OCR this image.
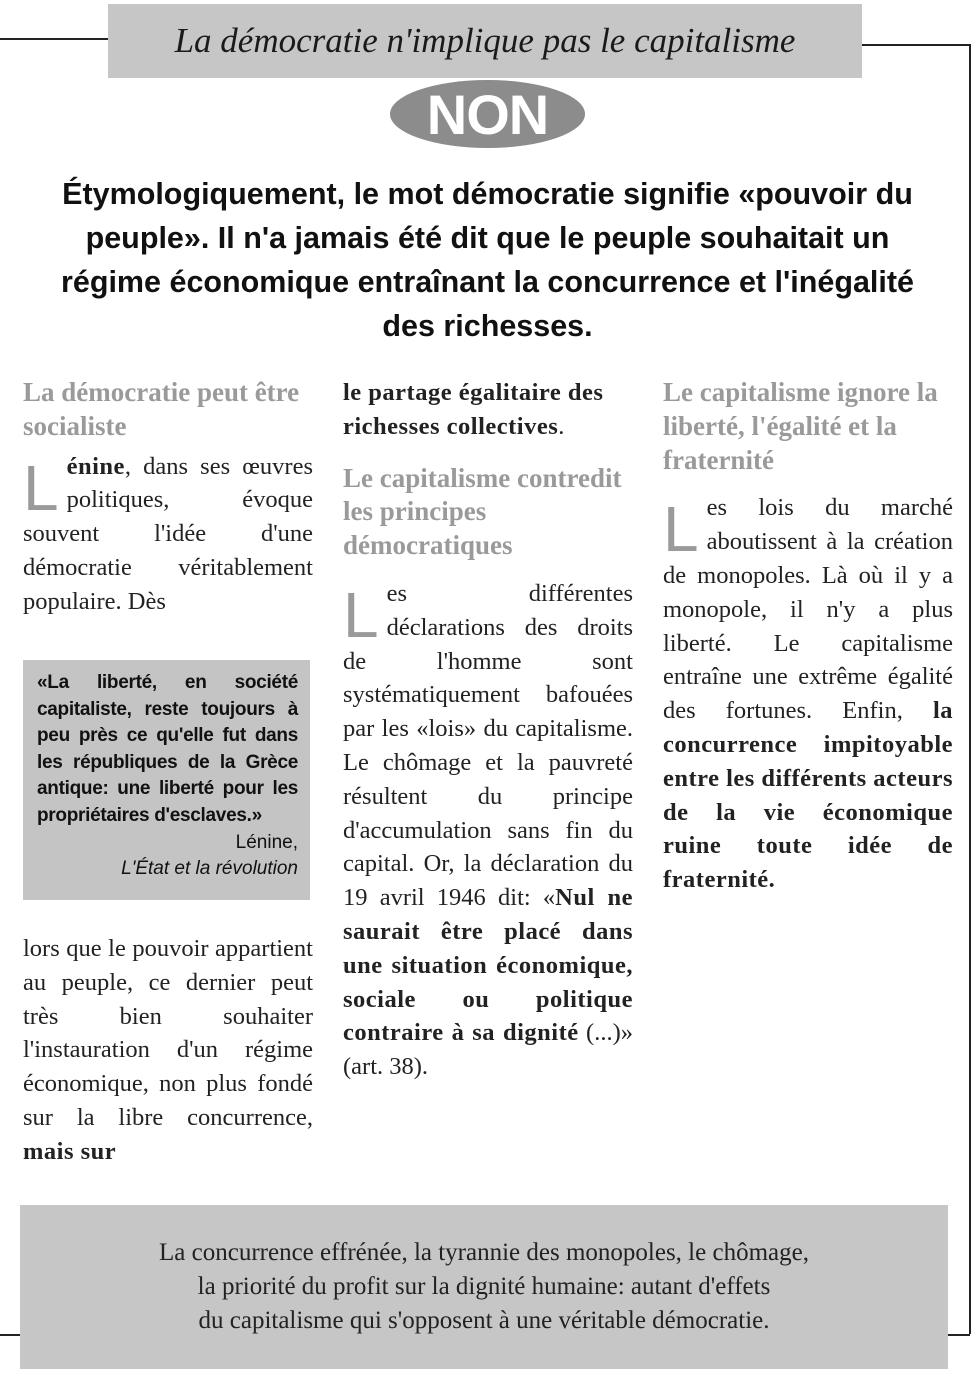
La démocratie n'implique pas le capitalisme
NON
Étymologiquement, le mot démocratie signifie «pouvoir du peuple». Il n'a jamais été dit que le peuple souhaitait un régime économique entraînant la concurrence et l'inégalité des richesses.

La démocratie peut être socialiste

Lénine, dans ses œuvres politiques, évoque souvent l'idée d'une démocratie véritablement populaire. Dès

«La liberté, en société capitaliste, reste toujours à peu près ce qu'elle fut dans les républiques de la Grèce antique: une liberté pour les propriétaires d'esclaves.»

Lénine,

L'État et la révolution

lors que le pouvoir appartient au peuple, ce dernier peut très bien souhaiter l'instauration d'un régime économique, non plus fondé sur la libre concurrence, mais sur

le partage égalitaire des richesses collectives.

Le capitalisme contredit les principes démocratiques

Les différentes déclarations des droits de l'homme sont systématiquement bafouées par les «lois» du capitalisme. Le chômage et la pauvreté résultent du principe d'accumulation sans fin du capital. Or, la déclaration du 19 avril 1946 dit: «Nul ne saurait être placé dans une situation économique, sociale ou politique contraire à sa dignité (...)» (art. 38).

Le capitalisme ignore la liberté, l'égalité et la fraternité

Les lois du marché aboutissent à la création de monopoles. Là où il y a monopole, il n'y a plus liberté. Le capitalisme entraîne une extrême égalité des fortunes. Enfin, la concurrence impitoyable entre les différents acteurs de la vie économique ruine toute idée de fraternité.

La concurrence effrénée, la tyrannie des monopoles, le chômage,
la priorité du profit sur la dignité humaine: autant d'effets
du capitalisme qui s'opposent à une véritable démocratie.
